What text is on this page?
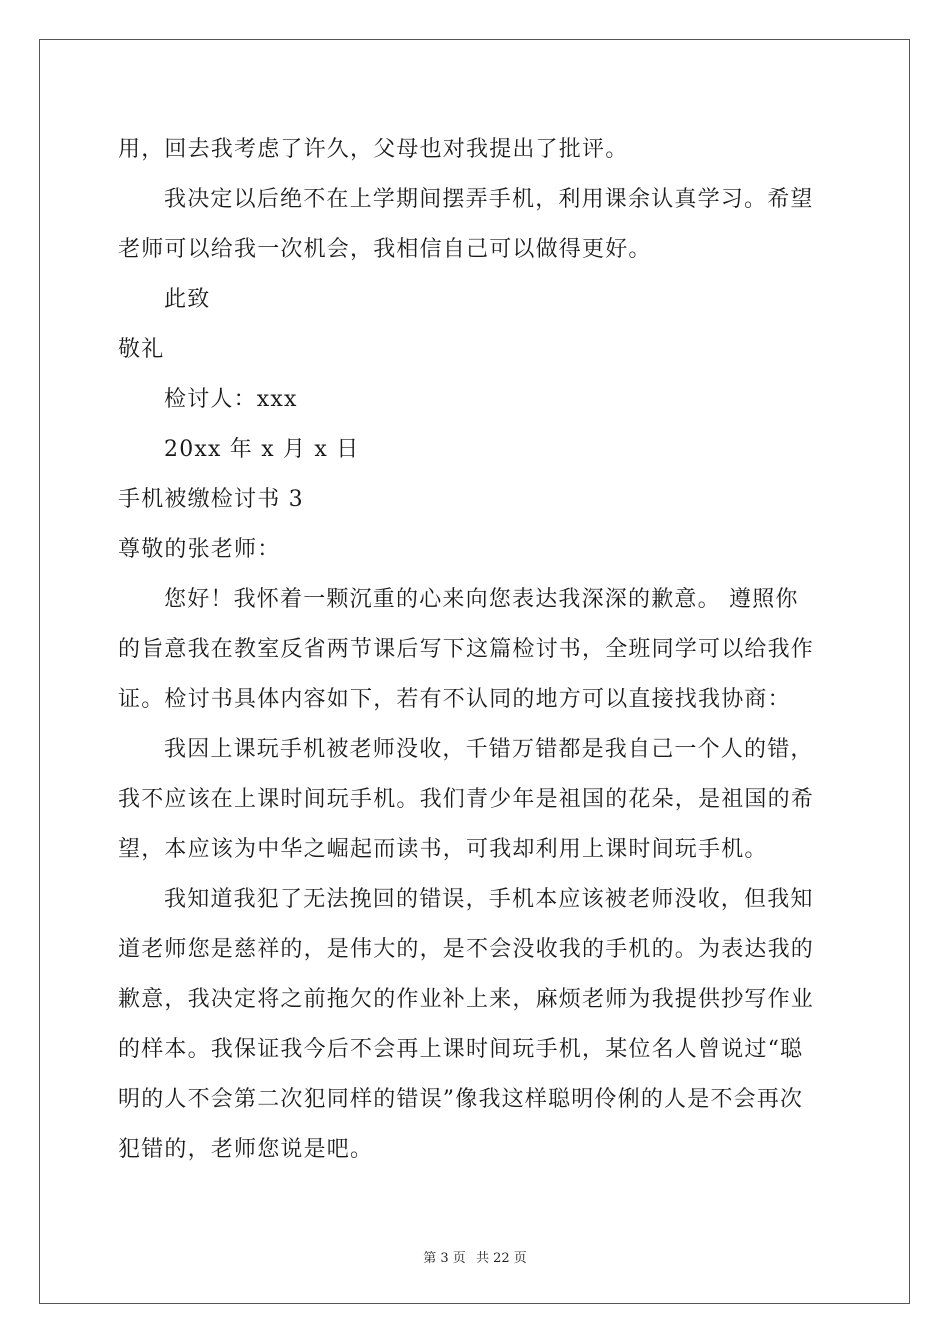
用，回去我考虑了许久，父母也对我提出了批评。
我决定以后绝不在上学期间摆弄手机，利用课余认真学习。希望
老师可以给我一次机会，我相信自己可以做得更好。
此致
敬礼
检讨人：xxx
20xx 年 x 月 x 日
手机被缴检讨书 3
尊敬的张老师：
您好！我怀着一颗沉重的心来向您表达我深深的歉意。 遵照你
的旨意我在教室反省两节课后写下这篇检讨书，全班同学可以给我作
证。检讨书具体内容如下，若有不认同的地方可以直接找我协商：
我因上课玩手机被老师没收，千错万错都是我自己一个人的错，
我不应该在上课时间玩手机。我们青少年是祖国的花朵，是祖国的希
望，本应该为中华之崛起而读书，可我却利用上课时间玩手机。
我知道我犯了无法挽回的错误，手机本应该被老师没收，但我知
道老师您是慈祥的，是伟大的，是不会没收我的手机的。为表达我的
歉意，我决定将之前拖欠的作业补上来，麻烦老师为我提供抄写作业
的样本。我保证我今后不会再上课时间玩手机，某位名人曾说过“聪
明的人不会第二次犯同样的错误”像我这样聪明伶俐的人是不会再次
犯错的，老师您说是吧。
第 3 页 共 22 页
